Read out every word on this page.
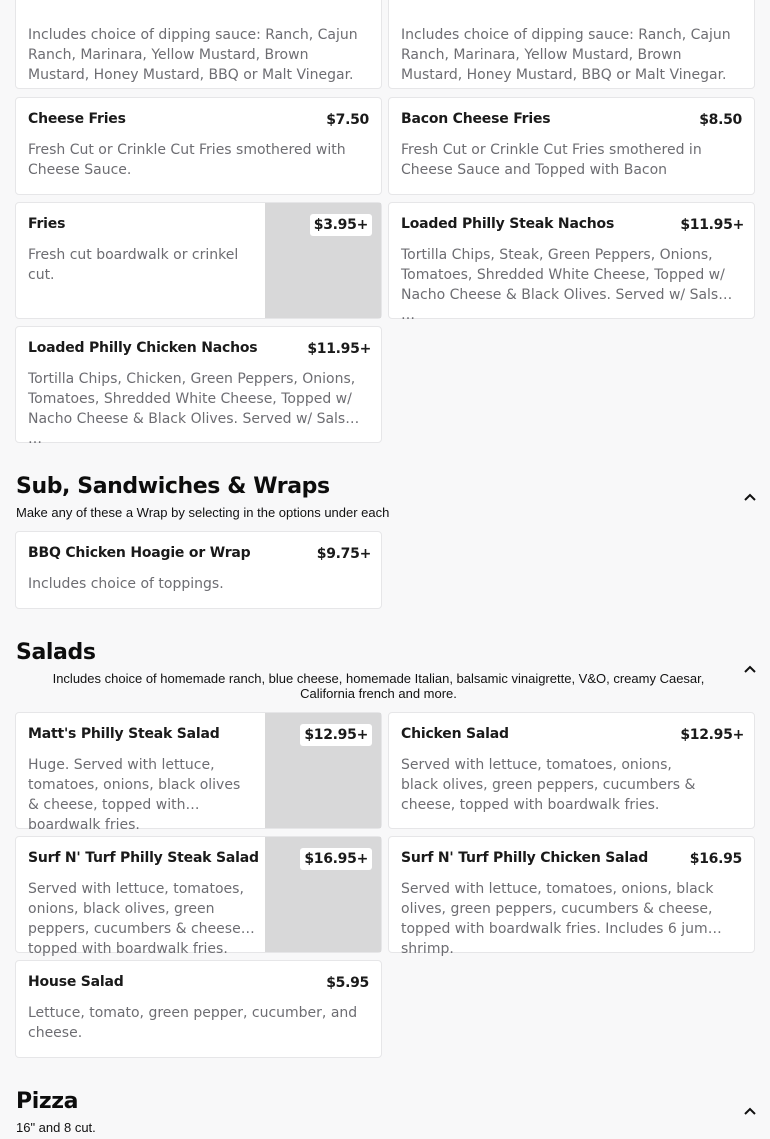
Includes choice of dipping sauce: Ranch, Cajun Ranch, Marinara, Yellow Mustard, Brown Mustard, Honey Mustard, BBQ or Malt Vinegar.
Includes choice of dipping sauce: Ranch, Cajun Ranch, Marinara, Yellow Mustard, Brown Mustard, Honey Mustard, BBQ or Malt Vinegar.
Cheese Fries
Fresh Cut or Crinkle Cut Fries smothered with Cheese Sauce.
$7.50 Bacon Cheese Fries
Fresh Cut or Crinkle Cut Fries smothered in Cheese Sauce and Topped with Bacon
$8.50
Fries
Fresh cut boardwalk or crinkel cut.
$3.95+ Loaded Philly Steak Nachos
Tortilla Chips, Steak, Green Peppers, Onions, Tomatoes, Shredded White Cheese, Topped w/ Nacho Cheese & Black Olives. Served w/ Salsa …
$11.95+
Loaded Philly Chicken Nachos
Tortilla Chips, Chicken, Green Peppers, Onions, Tomatoes, Shredded White Cheese, Topped w/ Nacho Cheese & Black Olives. Served w/ Salsa …
$11.95+
Sub, Sandwiches & Wraps
Make any of these a Wrap by selecting in the options under each
BBQ Chicken Hoagie or Wrap
Includes choice of toppings.
$9.75+
Salads
Includes choice of homemade ranch, blue cheese, homemade Italian, balsamic vinaigrette, V&O, creamy Caesar, California french and more.
Matt's Philly Steak Salad
Huge. Served with lettuce, tomatoes, onions, black olives & cheese, topped with boardwalk fries.
$12.95+ Chicken Salad
Served with lettuce, tomatoes, onions, black olives, green peppers, cucumbers & cheese, topped with boardwalk fries.
$12.95+
Surf N' Turf Philly Steak Salad
Served with lettuce, tomatoes, onions, black olives, green peppers, cucumbers & cheese, topped with boardwalk fries.
$16.95+ Surf N' Turf Philly Chicken Salad
Served with lettuce, tomatoes, onions, black olives, green peppers, cucumbers & cheese, topped with boardwalk fries. Includes 6 jumbo shrimp.
$16.95
House Salad
Lettuce, tomato, green pepper, cucumber, and cheese.
$5.95
Pizza
16" and 8 cut.
